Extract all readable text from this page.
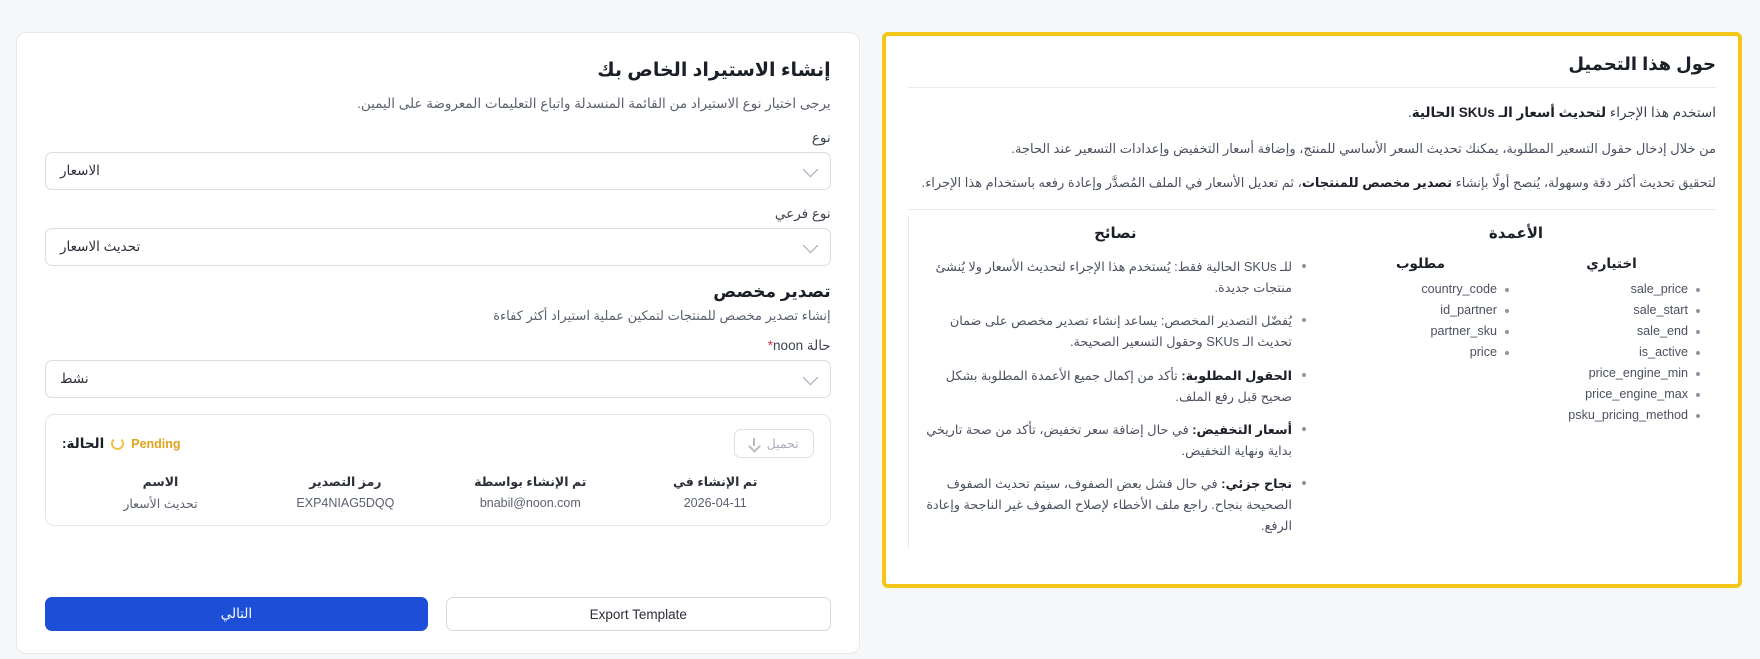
إنشاء الاستيراد الخاص بك
يرجى اختيار نوع الاستيراد من القائمة المنسدلة واتباع التعليمات المعروضة على اليمين.
نوع
الاسعار
نوع فرعي
تحديث الاسعار
تصدير مخصص
إنشاء تصدير مخصص للمنتجات لتمكين عملية استيراد أكثر كفاءة
حالة noon*
نشط
الحالة: Pending	تحميل
الاسم
تحديث الأسعار
رمز التصدير
EXP4NIAG5DQQ
تم الإنشاء بواسطة
bnabil@noon.com
تم الإنشاء في
2026-04-11
التالي	Export Template
حول هذا التحميل
استخدم هذا الإجراء لتحديث أسعار الـ SKUs الحالية.
من خلال إدخال حقول التسعير المطلوبة، يمكنك تحديث السعر الأساسي للمنتج، وإضافة أسعار التخفيض وإعدادات التسعير عند الحاجة.
لتحقيق تحديث أكثر دقة وسهولة، يُنصح أولًا بإنشاء تصدير مخصص للمنتجات، ثم تعديل الأسعار في الملف المُصدَّر وإعادة رفعه باستخدام هذا الإجراء.
نصائح
للـ SKUs الحالية فقط: يُستخدم هذا الإجراء لتحديث الأسعار ولا يُنشئ منتجات جديدة.
يُفضّل التصدير المخصص: يساعد إنشاء تصدير مخصص على ضمان تحديث الـ SKUs وحقول التسعير الصحيحة.
الحقول المطلوبة: تأكد من إكمال جميع الأعمدة المطلوبة بشكل صحيح قبل رفع الملف.
أسعار التخفيض: في حال إضافة سعر تخفيض، تأكد من صحة تاريخي بداية ونهاية التخفيض.
نجاح جزئي: في حال فشل بعض الصفوف، سيتم تحديث الصفوف الصحيحة بنجاح. راجع ملف الأخطاء لإصلاح الصفوف غير الناجحة وإعادة الرفع.
الأعمدة
مطلوب
country_code
id_partner
partner_sku
price
اختياري
sale_price
sale_start
sale_end
is_active
price_engine_min
price_engine_max
psku_pricing_method
